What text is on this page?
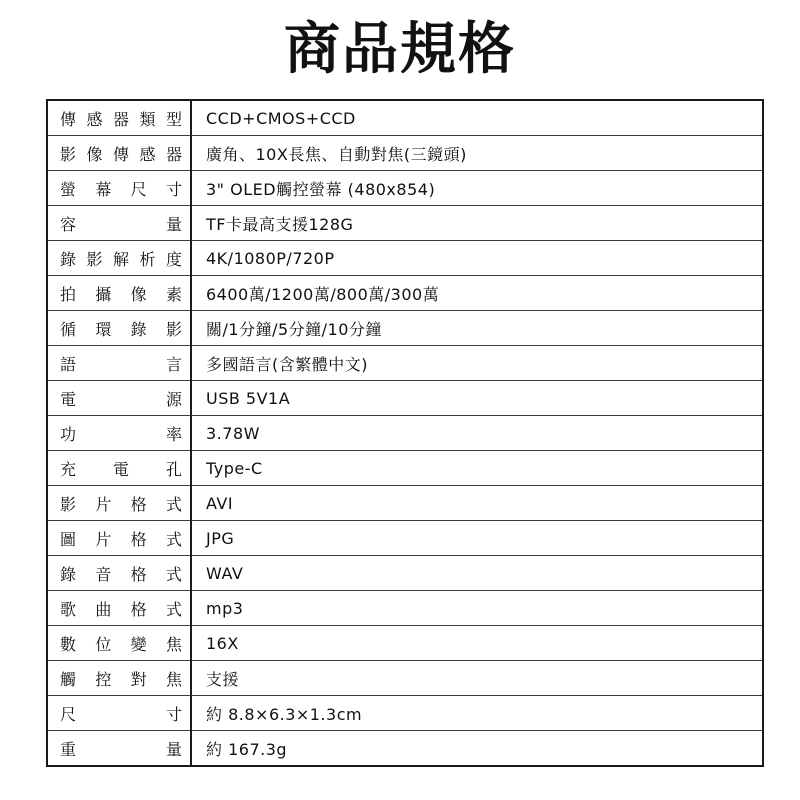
商品規格
傳 感 器 類 型	CCD+CMOS+CCD

影 像 傳 感 器	廣角、10X長焦、自動對焦(三鏡頭)

螢 幕 尺 寸	3" OLED觸控螢幕 (480x854)

容 量	TF卡最高支援128G

錄 影 解 析 度	4K/1080P/720P

拍 攝 像 素	6400萬/1200萬/800萬/300萬

循 環 錄 影	關/1分鐘/5分鐘/10分鐘

語 言	多國語言(含繁體中文)

電 源	USB 5V1A

功 率	3.78W

充 電 孔	Type-C

影 片 格 式	AVI

圖 片 格 式	JPG

錄 音 格 式	WAV

歌 曲 格 式	mp3

數 位 變 焦	16X

觸 控 對 焦	支援

尺 寸	約 8.8×6.3×1.3cm

重 量	約 167.3g
